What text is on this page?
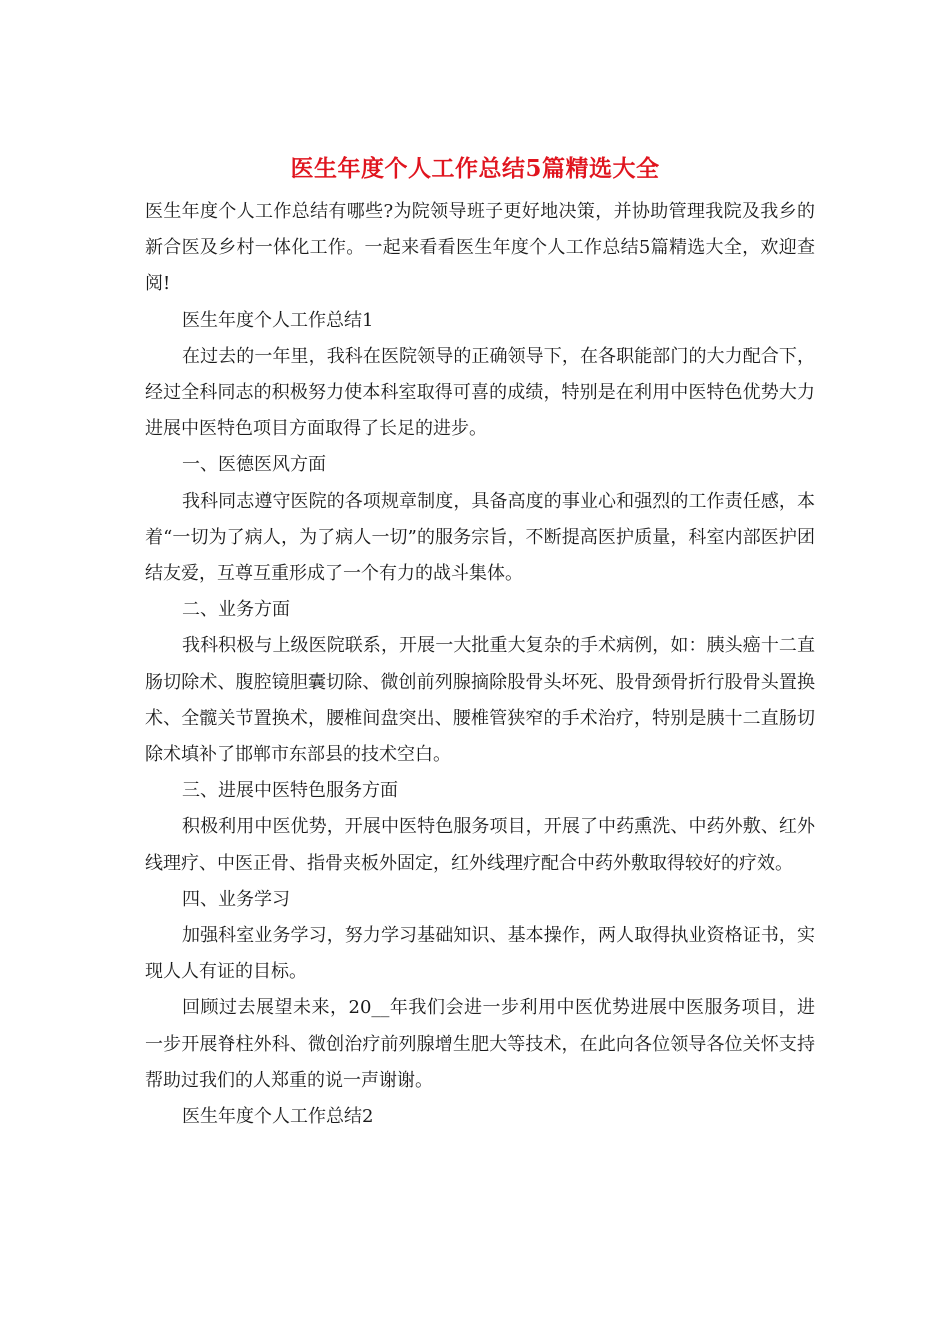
医生年度个人工作总结5篇精选大全

医生年度个人工作总结有哪些?为院领导班子更好地决策，并协助管理我院及我乡的新合医及乡村一体化工作。一起来看看医生年度个人工作总结5篇精选大全，欢迎查阅!

医生年度个人工作总结1

在过去的一年里，我科在医院领导的正确领导下，在各职能部门的大力配合下，经过全科同志的积极努力使本科室取得可喜的成绩，特别是在利用中医特色优势大力进展中医特色项目方面取得了长足的进步。

一、医德医风方面

我科同志遵守医院的各项规章制度，具备高度的事业心和强烈的工作责任感，本着“一切为了病人，为了病人一切”的服务宗旨，不断提高医护质量，科室内部医护团结友爱，互尊互重形成了一个有力的战斗集体。

二、业务方面

我科积极与上级医院联系，开展一大批重大复杂的手术病例，如：胰头癌十二直肠切除术、腹腔镜胆囊切除、微创前列腺摘除股骨头坏死、股骨颈骨折行股骨头置换术、全髋关节置换术，腰椎间盘突出、腰椎管狭窄的手术治疗，特别是胰十二直肠切除术填补了邯郸市东部县的技术空白。

三、进展中医特色服务方面

积极利用中医优势，开展中医特色服务项目，开展了中药熏洗、中药外敷、红外线理疗、中医正骨、指骨夹板外固定，红外线理疗配合中药外敷取得较好的疗效。

四、业务学习

加强科室业务学习，努力学习基础知识、基本操作，两人取得执业资格证书，实现人人有证的目标。

回顾过去展望未来，20__年我们会进一步利用中医优势进展中医服务项目，进一步开展脊柱外科、微创治疗前列腺增生肥大等技术，在此向各位领导各位关怀支持帮助过我们的人郑重的说一声谢谢。

医生年度个人工作总结2
